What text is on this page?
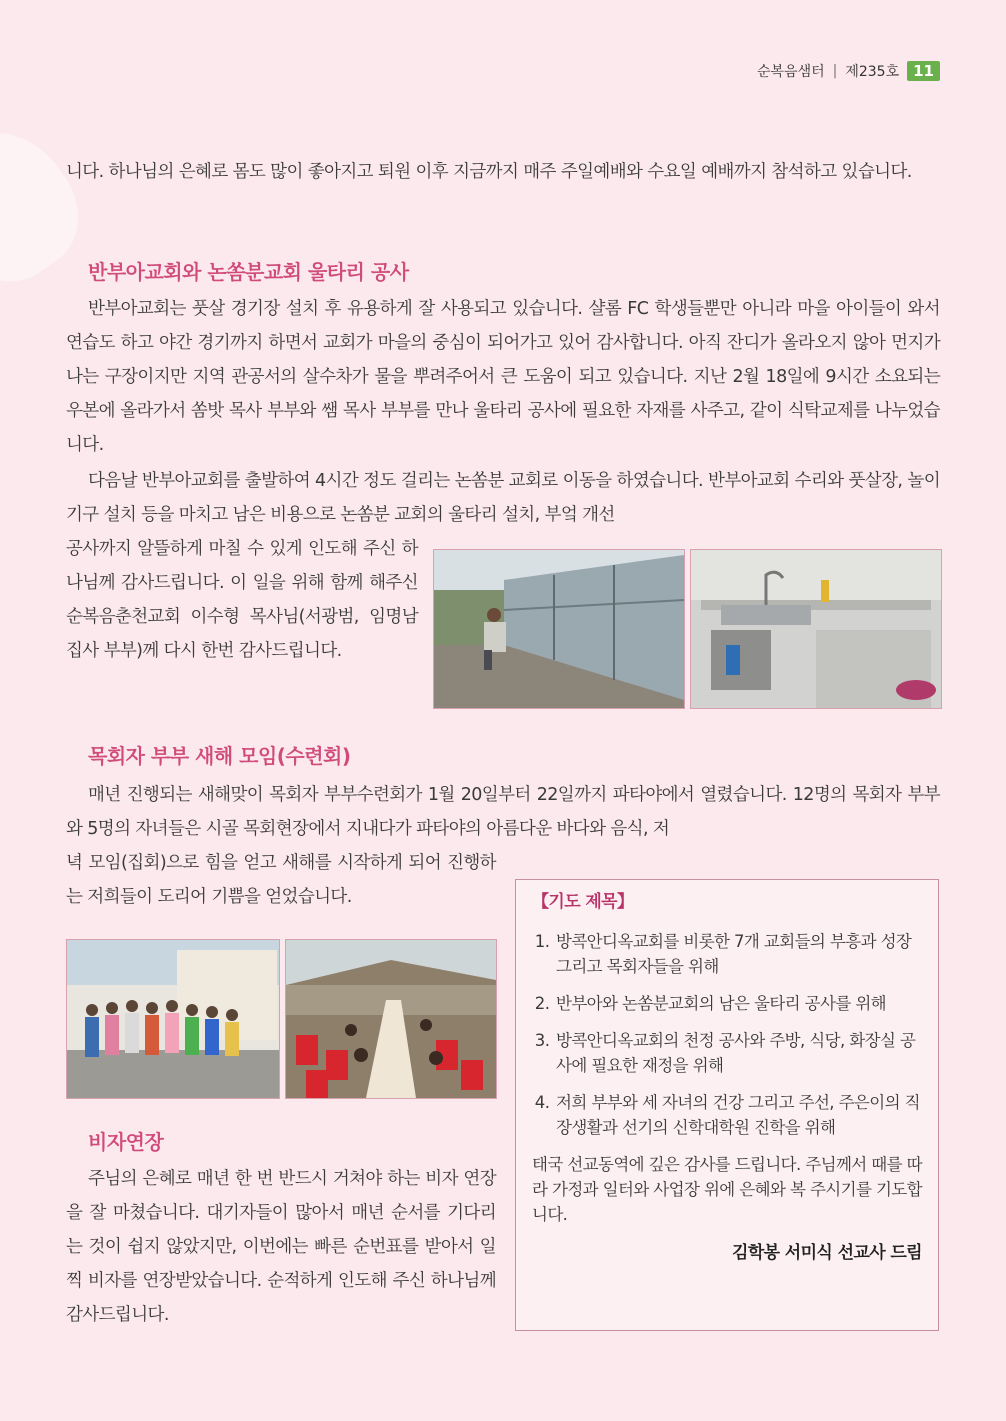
순복음샘터 | 제235호 11

니다. 하나님의 은혜로 몸도 많이 좋아지고 퇴원 이후 지금까지 매주 주일예배와 수요일 예배까지 참석하고 있습니다.

반부아교회와 논쏨분교회 울타리 공사

반부아교회는 풋살 경기장 설치 후 유용하게 잘 사용되고 있습니다. 샬롬 FC 학생들뿐만 아니라 마을 아이들이 와서 연습도 하고 야간 경기까지 하면서 교회가 마을의 중심이 되어가고 있어 감사합니다. 아직 잔디가 올라오지 않아 먼지가 나는 구장이지만 지역 관공서의 살수차가 물을 뿌려주어서 큰 도움이 되고 있습니다. 지난 2월 18일에 9시간 소요되는 우본에 올라가서 쏨밧 목사 부부와 쌤 목사 부부를 만나 울타리 공사에 필요한 자재를 사주고, 같이 식탁교제를 나누었습니다.

다음날 반부아교회를 출발하여 4시간 정도 걸리는 논쏨분 교회로 이동을 하였습니다. 반부아교회 수리와 풋살장, 놀이기구 설치 등을 마치고 남은 비용으로 논쏨분 교회의 울타리 설치, 부엌 개선

공사까지 알뜰하게 마칠 수 있게 인도해 주신 하나님께 감사드립니다. 이 일을 위해 함께 해주신 순복음춘천교회 이수형 목사님(서광범, 임명남 집사 부부)께 다시 한번 감사드립니다.

목회자 부부 새해 모임(수련회)

매년 진행되는 새해맞이 목회자 부부수련회가 1월 20일부터 22일까지 파타야에서 열렸습니다. 12명의 목회자 부부와 5명의 자녀들은 시골 목회현장에서 지내다가 파타야의 아름다운 바다와 음식, 저

녁 모임(집회)으로 힘을 얻고 새해를 시작하게 되어 진행하는 저희들이 도리어 기쁨을 얻었습니다.

비자연장

주님의 은혜로 매년 한 번 반드시 거쳐야 하는 비자 연장을 잘 마쳤습니다. 대기자들이 많아서 매년 순서를 기다리는 것이 쉽지 않았지만, 이번에는 빠른 순번표를 받아서 일찍 비자를 연장받았습니다. 순적하게 인도해 주신 하나님께 감사드립니다.

【기도 제목】
1. 방콕안디옥교회를 비롯한 7개 교회들의 부흥과 성장 그리고 목회자들을 위해
2. 반부아와 논쏨분교회의 남은 울타리 공사를 위해
3. 방콕안디옥교회의 천정 공사와 주방, 식당, 화장실 공사에 필요한 재정을 위해
4. 저희 부부와 세 자녀의 건강 그리고 주선, 주은이의 직장생활과 선기의 신학대학원 진학을 위해
태국 선교동역에 깊은 감사를 드립니다. 주님께서 때를 따라 가정과 일터와 사업장 위에 은혜와 복 주시기를 기도합니다.
김학봉 서미식 선교사 드림
